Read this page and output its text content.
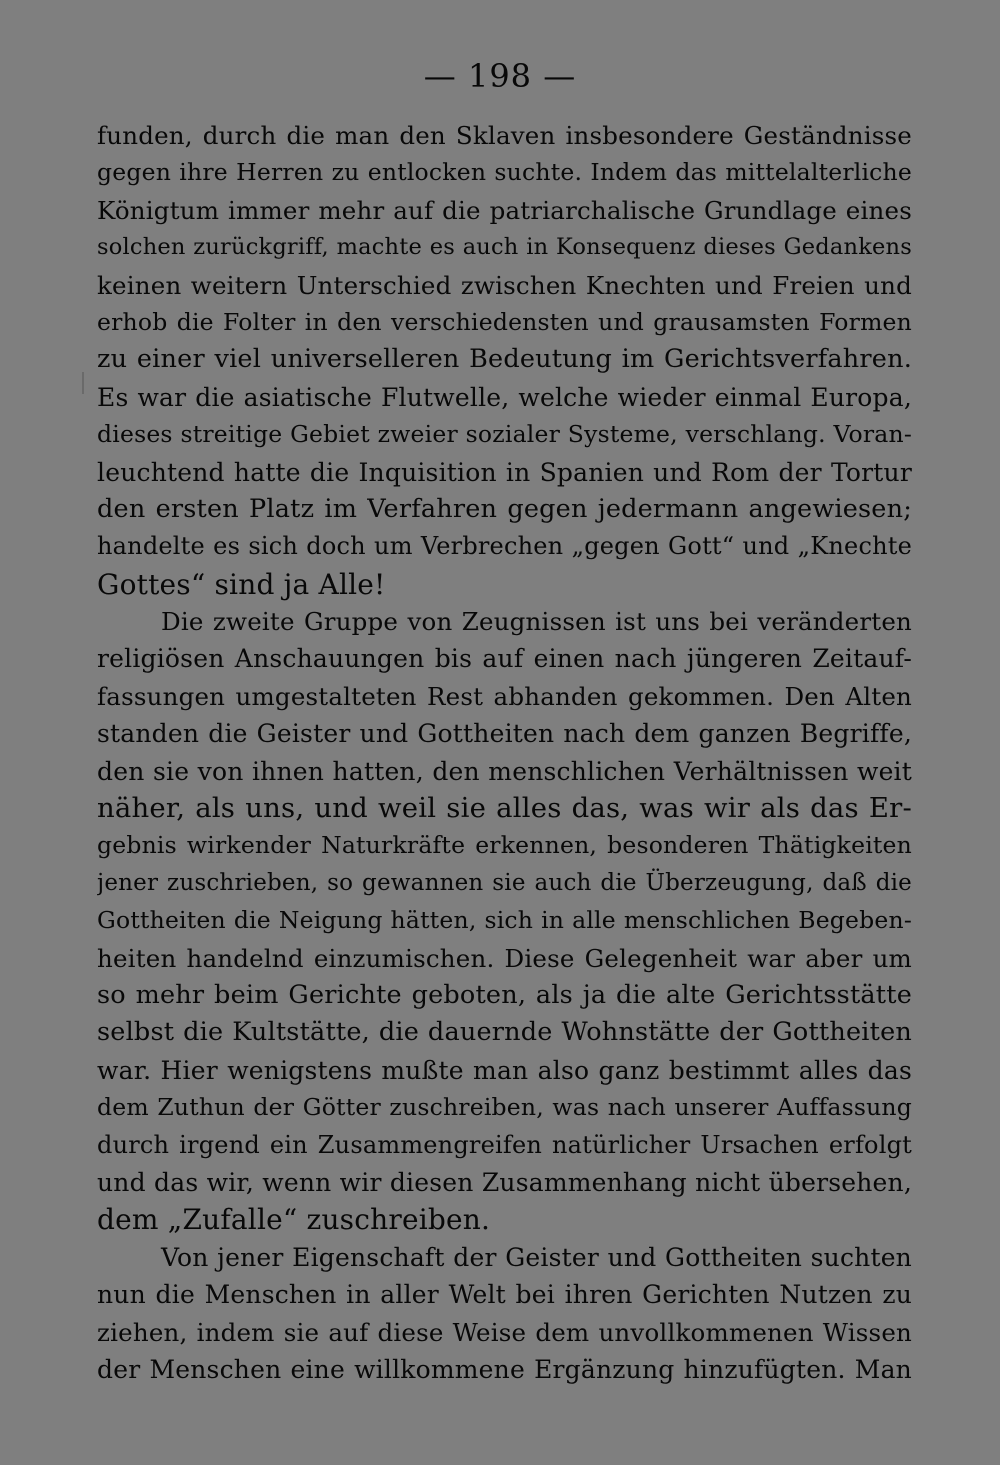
— 198 —
funden, durch die man den Sklaven insbesondere Geständnisse
gegen ihre Herren zu entlocken suchte. Indem das mittelalterliche
Königtum immer mehr auf die patriarchalische Grundlage eines
solchen zurückgriff, machte es auch in Konsequenz dieses Gedankens
keinen weitern Unterschied zwischen Knechten und Freien und
erhob die Folter in den verschiedensten und grausamsten Formen
zu einer viel universelleren Bedeutung im Gerichtsverfahren.
Es war die asiatische Flutwelle, welche wieder einmal Europa,
dieses streitige Gebiet zweier sozialer Systeme, verschlang. Voran-
leuchtend hatte die Inquisition in Spanien und Rom der Tortur
den ersten Platz im Verfahren gegen jedermann angewiesen;
handelte es sich doch um Verbrechen „gegen Gott“ und „Knechte
Gottes“ sind ja Alle!
Die zweite Gruppe von Zeugnissen ist uns bei veränderten
religiösen Anschauungen bis auf einen nach jüngeren Zeitauf-
fassungen umgestalteten Rest abhanden gekommen. Den Alten
standen die Geister und Gottheiten nach dem ganzen Begriffe,
den sie von ihnen hatten, den menschlichen Verhältnissen weit
näher, als uns, und weil sie alles das, was wir als das Er-
gebnis wirkender Naturkräfte erkennen, besonderen Thätigkeiten
jener zuschrieben, so gewannen sie auch die Überzeugung, daß die
Gottheiten die Neigung hätten, sich in alle menschlichen Begeben-
heiten handelnd einzumischen. Diese Gelegenheit war aber um
so mehr beim Gerichte geboten, als ja die alte Gerichtsstätte
selbst die Kultstätte, die dauernde Wohnstätte der Gottheiten
war. Hier wenigstens mußte man also ganz bestimmt alles das
dem Zuthun der Götter zuschreiben, was nach unserer Auffassung
durch irgend ein Zusammengreifen natürlicher Ursachen erfolgt
und das wir, wenn wir diesen Zusammenhang nicht übersehen,
dem „Zufalle“ zuschreiben.
Von jener Eigenschaft der Geister und Gottheiten suchten
nun die Menschen in aller Welt bei ihren Gerichten Nutzen zu
ziehen, indem sie auf diese Weise dem unvollkommenen Wissen
der Menschen eine willkommene Ergänzung hinzufügten. Man
